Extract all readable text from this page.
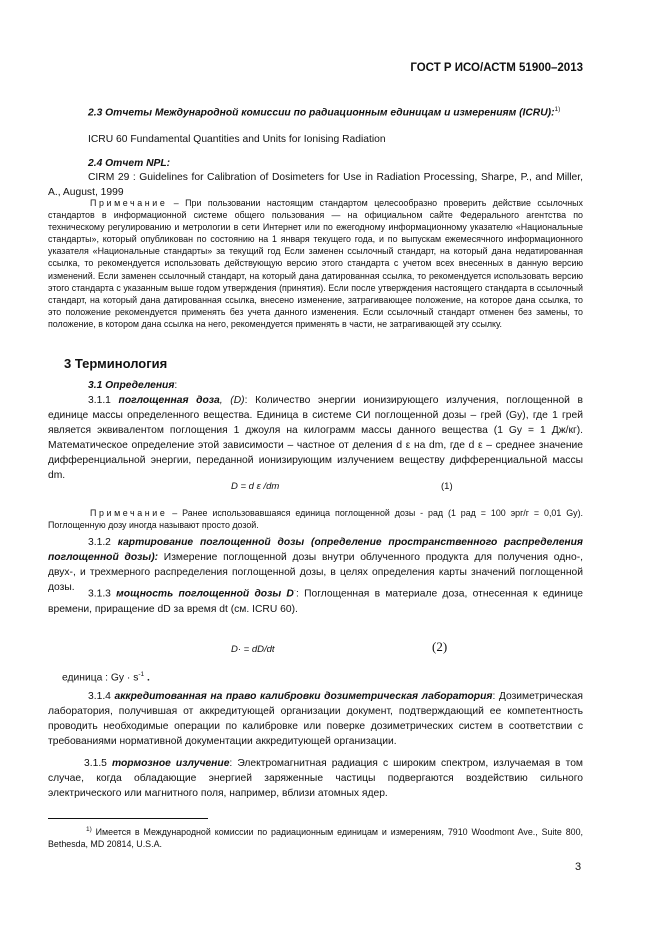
ГОСТ Р ИСО/АСТМ 51900–2013
2.3 Отчеты Международной комиссии по радиационным единицам и измерениям (ICRU):$^{1)}$
ICRU 60 Fundamental Quantities and Units for Ionising Radiation
2.4 Отчет NPL:
CIRM 29 : Guidelines for Calibration of Dosimeters for Use in Radiation Processing, Sharpe, P., and Miller, A., August, 1999
Примечание – При пользовании настоящим стандартом целесообразно проверить действие ссылочных стандартов в информационной системе общего пользования — на официальном сайте Федерального агентства по техническому регулированию и метрологии в сети Интернет или по ежегодному информационному указателю «Национальные стандарты», который опубликован по состоянию на 1 января текущего года, и по выпускам ежемесячного информационного указателя «Национальные стандарты» за текущий год Если заменен ссылочный стандарт, на который дана недатированная ссылка, то рекомендуется использовать действующую версию этого стандарта с учетом всех внесенных в данную версию изменений. Если заменен ссылочный стандарт, на который дана датированная ссылка, то рекомендуется использовать версию этого стандарта с указанным выше годом утверждения (принятия). Если после утверждения настоящего стандарта в ссылочный стандарт, на который дана датированная ссылка, внесено изменение, затрагивающее положение, на которое дана ссылка, то это положение рекомендуется применять без учета данного изменения. Если ссылочный стандарт отменен без замены, то положение, в котором дана ссылка на него, рекомендуется применять в части, не затрагивающей эту ссылку.
3 Терминология
3.1 Определения:
3.1.1 поглощенная доза, (D): Количество энергии ионизирующего излучения, поглощенной в единице массы определенного вещества. Единица в системе СИ поглощенной дозы – грей (Gy), где 1 грей является эквивалентом поглощения 1 джоуля на килограмм массы данного вещества (1 Gy = 1 Дж/кг). Математическое определение этой зависимости – частное от деления d ε на dm, где d ε – среднее значение дифференциальной энергии, переданной ионизирующим излучением веществу дифференциальной массы dm.
D = d ε /dm	(1)
Примечание – Ранее использовавшаяся единица поглощенной дозы - рад (1 рад = 100 эрг/г = 0,01 Gy). Поглощенную дозу иногда называют просто дозой.
3.1.2 картирование поглощенной дозы (определение пространственного распределения поглощенной дозы): Измерение поглощенной дозы внутри облученного продукта для получения одно-, двух-, и трехмерного распределения поглощенной дозы, в целях определения карты значений поглощенной дозы.
3.1.3 мощность поглощенной дозы D·: Поглощенная в материале доза, отнесенная к единице времени, приращение dD за время dt (см. ICRU 60).
D· = dD/dt	(2)
единица : $Gy \cdot s^{-1}$ .
3.1.4 аккредитованная на право калибровки дозиметрическая лаборатория: Дозиметрическая лаборатория, получившая от аккредитующей организации документ, подтверждающий ее компетентность проводить необходимые операции по калибровке или поверке дозиметрических систем в соответствии с требованиями нормативной документации аккредитующей организации.
3.1.5 тормозное излучение: Электромагнитная радиация с широким спектром, излучаемая в том случае, когда обладающие энергией заряженные частицы подвергаются воздействию сильного электрического или магнитного поля, например, вблизи атомных ядер.
$^{1)}$ Имеется в Международной комиссии по радиационным единицам и измерениям, 7910 Woodmont Ave., Suite 800, Bethesda, MD 20814, U.S.A.
3
